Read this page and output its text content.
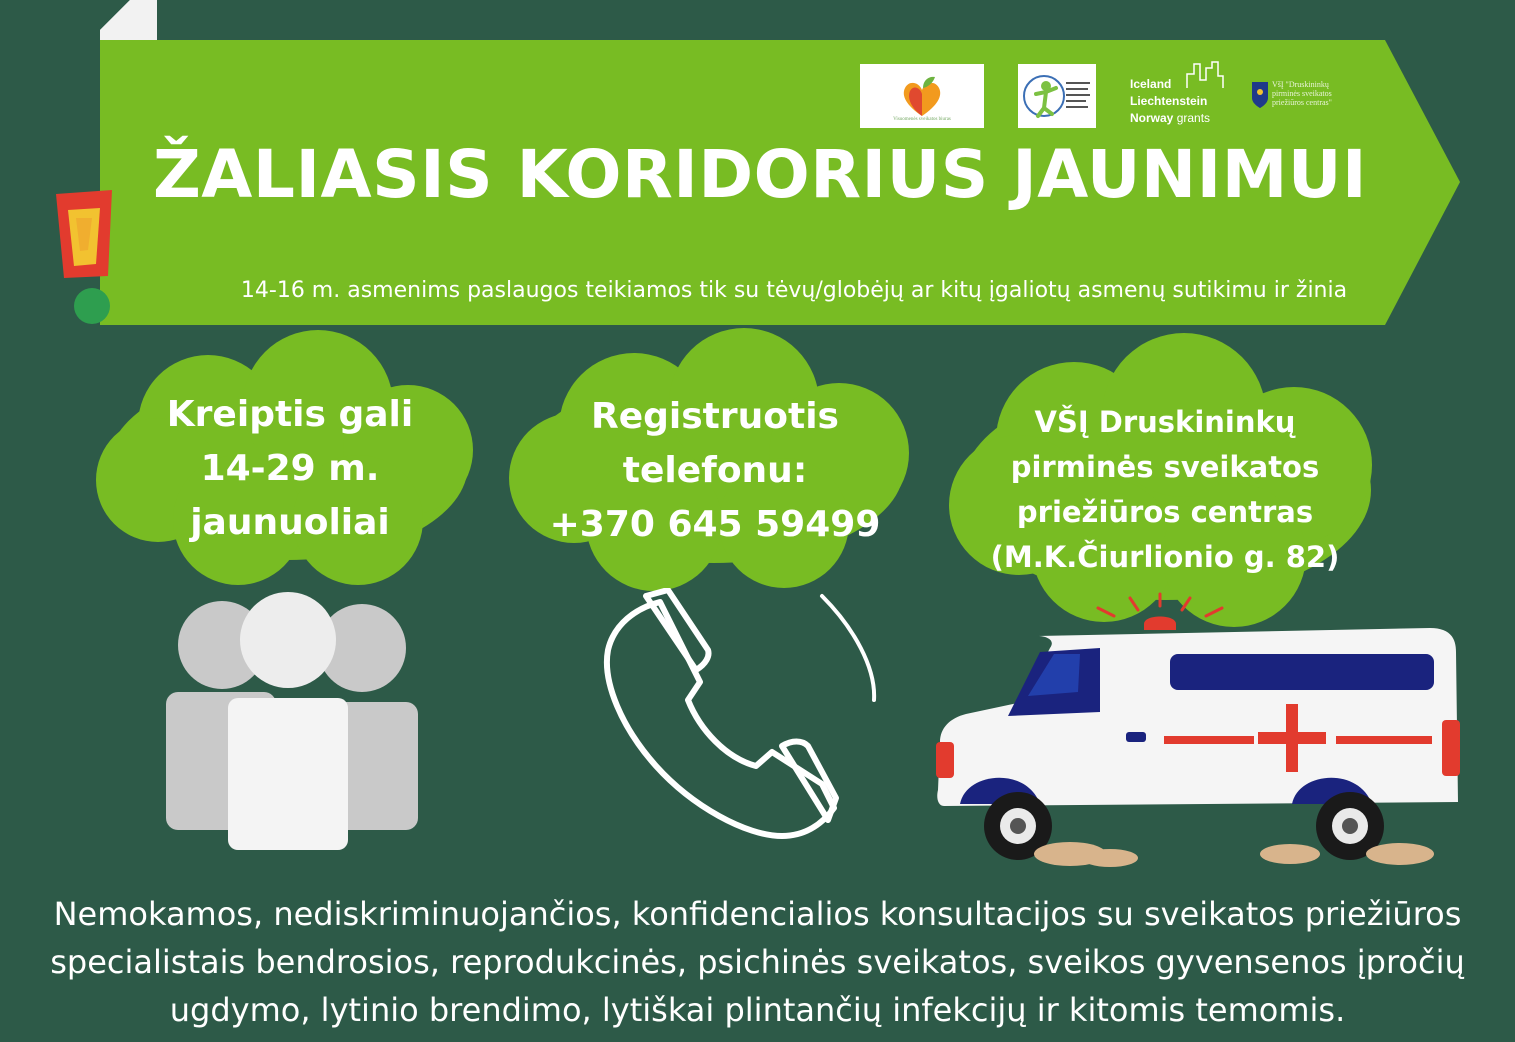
Visuomenės sveikatos biuras
Iceland
Liechtenstein
Norway grants
VšĮ "Druskininkų
pirminės sveikatos
priežiūros centras"
ŽALIASIS KORIDORIUS JAUNIMUI
14-16 m. asmenims paslaugos teikiamos tik su tėvų/globėjų ar kitų įgaliotų asmenų sutikimu ir žinia
Kreiptis gali
14-29 m.
jaunuoliai
Registruotis
telefonu:
+370 645 59499
VŠĮ Druskininkų
pirminės sveikatos
priežiūros centras
(M.K.Čiurlionio g. 82)
Nemokamos, nediskriminuojančios, konfidencialios konsultacijos su sveikatos priežiūros
specialistais bendrosios, reprodukcinės, psichinės sveikatos, sveikos gyvensenos įpročių
ugdymo, lytinio brendimo, lytiškai plintančių infekcijų ir kitomis temomis.
